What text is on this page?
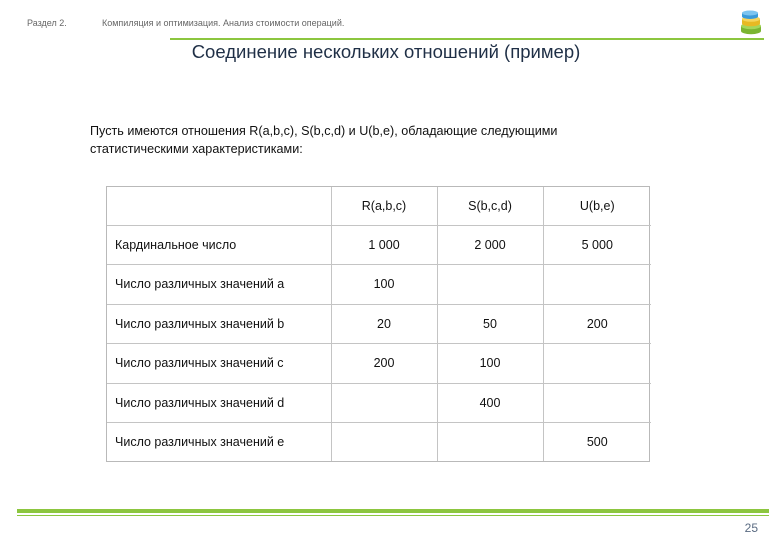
Раздел 2.	Компиляция и оптимизация. Анализ стоимости операций.
Соединение нескольких отношений (пример)
Пусть имеются отношения R(a,b,c), S(b,c,d) и U(b,e), обладающие следующими статистическими характеристиками:
	R(a,b,c)	S(b,c,d)	U(b,e)
Кардинальное число	1 000	2 000	5 000
Число различных значений a	100		
Число различных значений b	20	50	200
Число различных значений c	200	100	
Число различных значений d		400	
Число различных значений e			500
25
